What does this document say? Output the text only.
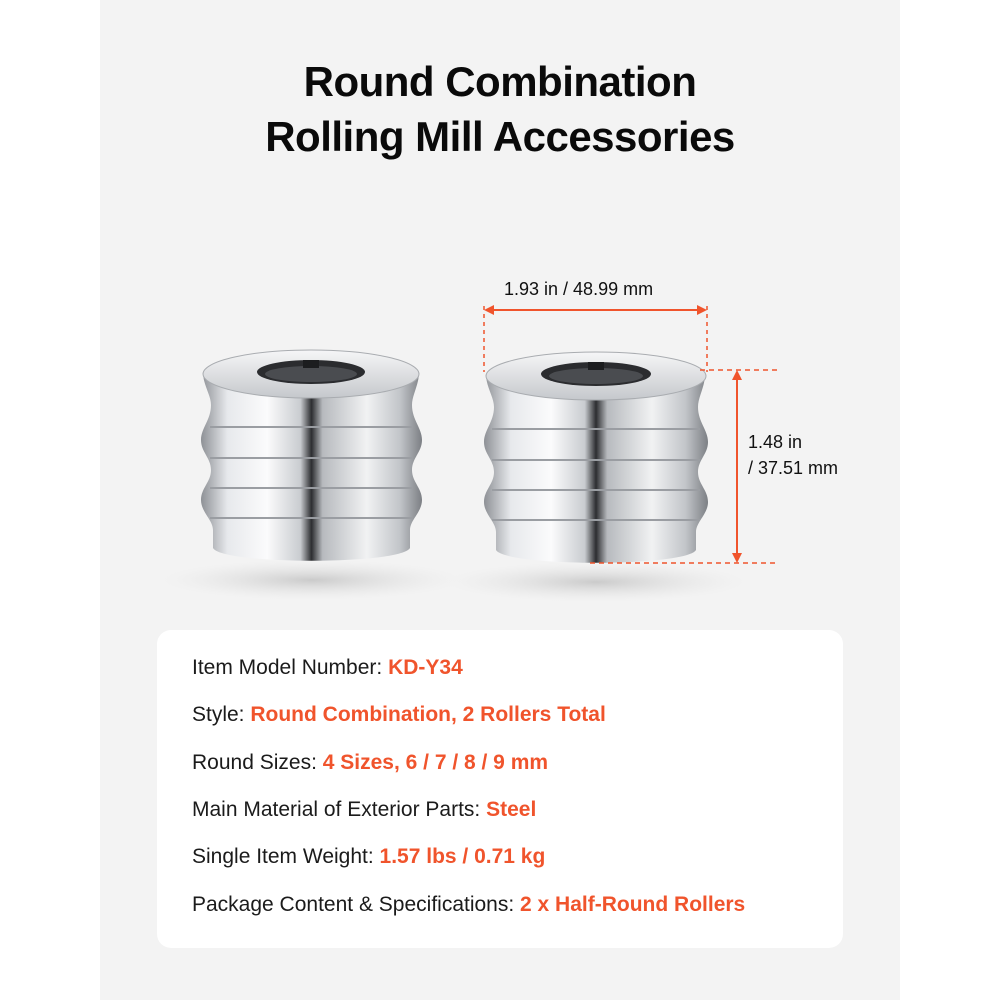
Round Combination
Rolling Mill Accessories
1.93 in / 48.99 mm
1.48 in
/ 37.51 mm
Item Model Number: KD-Y34
Style: Round Combination, 2 Rollers Total
Round Sizes: 4 Sizes, 6 / 7 / 8 / 9 mm
Main Material of Exterior Parts: Steel
Single Item Weight: 1.57 lbs / 0.71 kg
Package Content & Specifications: 2 x Half-Round Rollers
